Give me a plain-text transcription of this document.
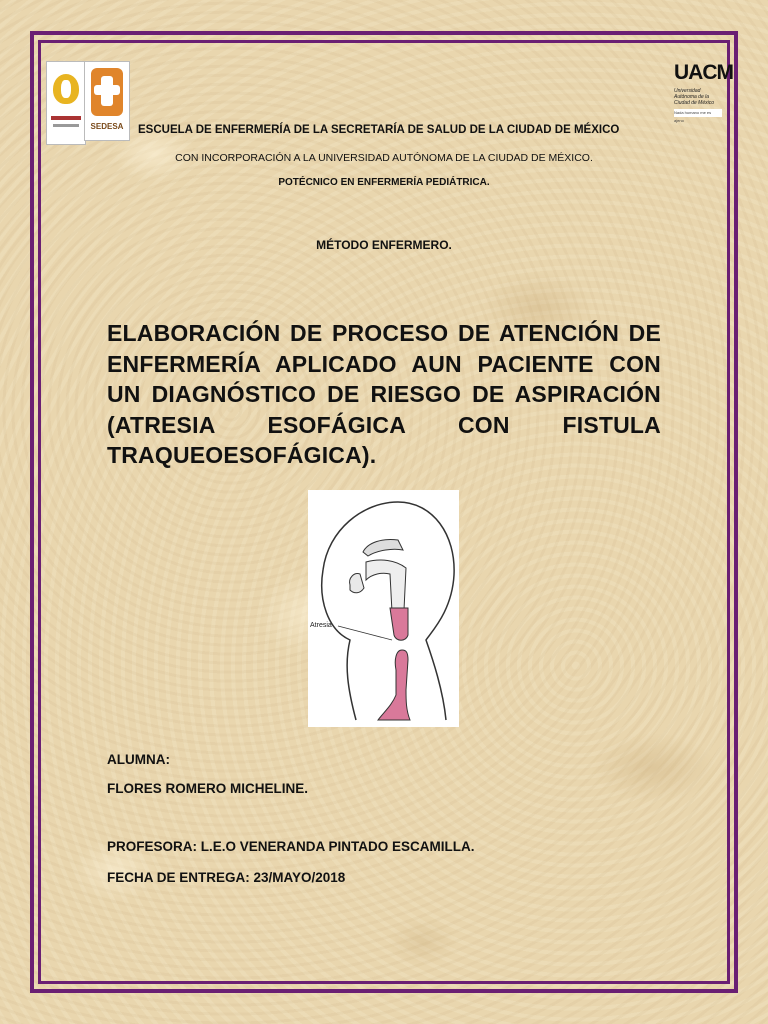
SEDESA
UACM
Universidad Autónoma de la Ciudad de México
Nada humano me es ajeno
ESCUELA DE ENFERMERÍA DE LA SECRETARÍA DE SALUD DE LA CIUDAD DE MÉXICO
CON INCORPORACIÓN A LA UNIVERSIDAD AUTÓNOMA DE LA CIUDAD DE MÉXICO.
POTÉCNICO EN ENFERMERÍA PEDIÁTRICA.
MÉTODO ENFERMERO.
ELABORACIÓN DE PROCESO DE ATENCIÓN DE ENFERMERÍA APLICADO AUN PACIENTE CON UN DIAGNÓSTICO DE RIESGO DE ASPIRACIÓN (ATRESIA ESOFÁGICA CON FISTULA TRAQUEOESOFÁGICA).
Atresia
ALUMNA:
FLORES ROMERO MICHELINE.
PROFESORA: L.E.O VENERANDA PINTADO ESCAMILLA.
FECHA DE ENTREGA: 23/MAYO/2018
